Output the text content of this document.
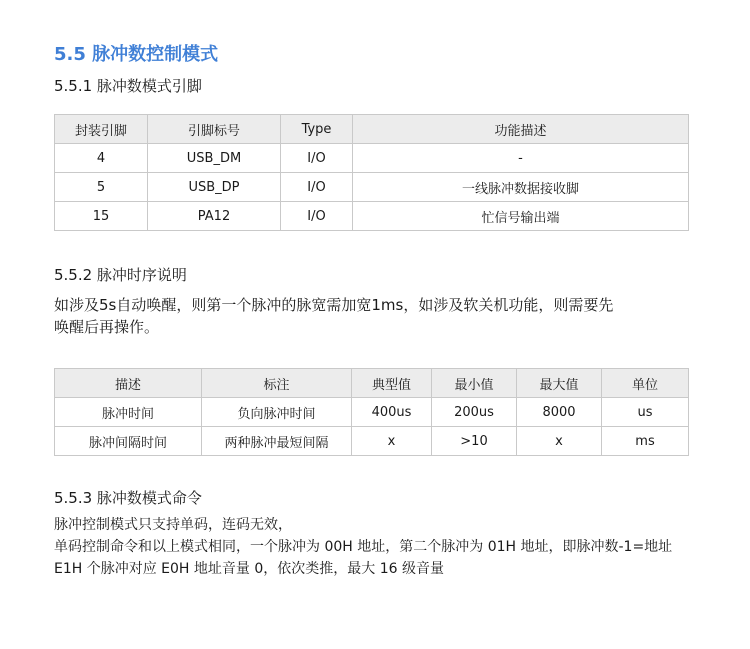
5.5 脉冲数控制模式
5.5.1 脉冲数模式引脚
封装引脚	引脚标号	Type	功能描述
4	USB_DM	I/O	-
5	USB_DP	I/O	一线脉冲数据接收脚
15	PA12	I/O	忙信号输出端
5.5.2 脉冲时序说明
如涉及5s自动唤醒，则第一个脉冲的脉宽需加宽1ms，如涉及软关机功能，则需要先
唤醒后再操作。
描述	标注	典型值	最小值	最大值	单位
脉冲时间	负向脉冲时间	400us	200us	8000	us
脉冲间隔时间	两种脉冲最短间隔	x	>10	x	ms
5.5.3 脉冲数模式命令
脉冲控制模式只支持单码，连码无效，
单码控制命令和以上模式相同，一个脉冲为 00H 地址，第二个脉冲为 01H 地址，即脉冲数-1=地址
E1H 个脉冲对应 E0H 地址音量 0，依次类推，最大 16 级音量
